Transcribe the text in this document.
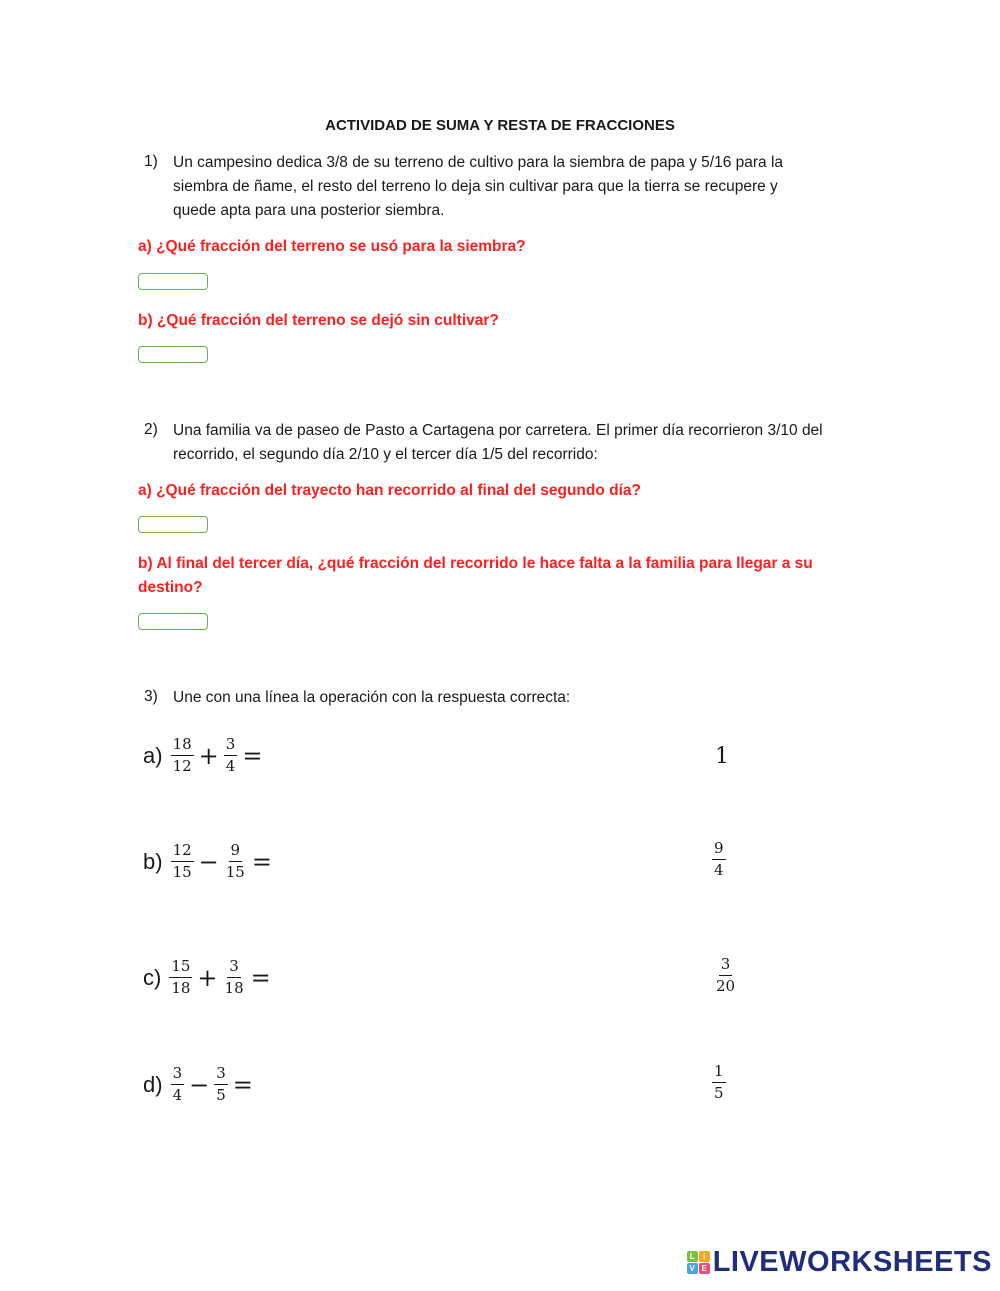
ACTIVIDAD DE SUMA Y RESTA DE FRACCIONES
1) Un campesino dedica 3/8 de su terreno de cultivo para la siembra de papa y 5/16 para la
siembra de ñame, el resto del terreno lo deja sin cultivar para que la tierra se recupere y
quede apta para una posterior siembra.
a) ¿Qué fracción del terreno se usó para la siembra?
b) ¿Qué fracción del terreno se dejó sin cultivar?
2) Una familia va de paseo de Pasto a Cartagena por carretera. El primer día recorrieron 3/10 del
recorrido, el segundo día 2/10 y el tercer día 1/5 del recorrido:
a) ¿Qué fracción del trayecto han recorrido al final del segundo día?
b) Al final del tercer día, ¿qué fracción del recorrido le hace falta a la familia para llegar a su
destino?
3) Une con una línea la operación con la respuesta correcta:
$a) \frac{18}{12} + \frac{3}{4}$ =
$b) \frac{12}{15} - \frac{9}{15}$ =
$c) \frac{15}{18} + \frac{3}{18}$ =
$d) \frac{3}{4} - \frac{3}{5}$ =
1
$\frac{9}{4}$
$\frac{3}{20}$
$\frac{1}{5}$
L	i
V E LIVEWORKSHEETS
